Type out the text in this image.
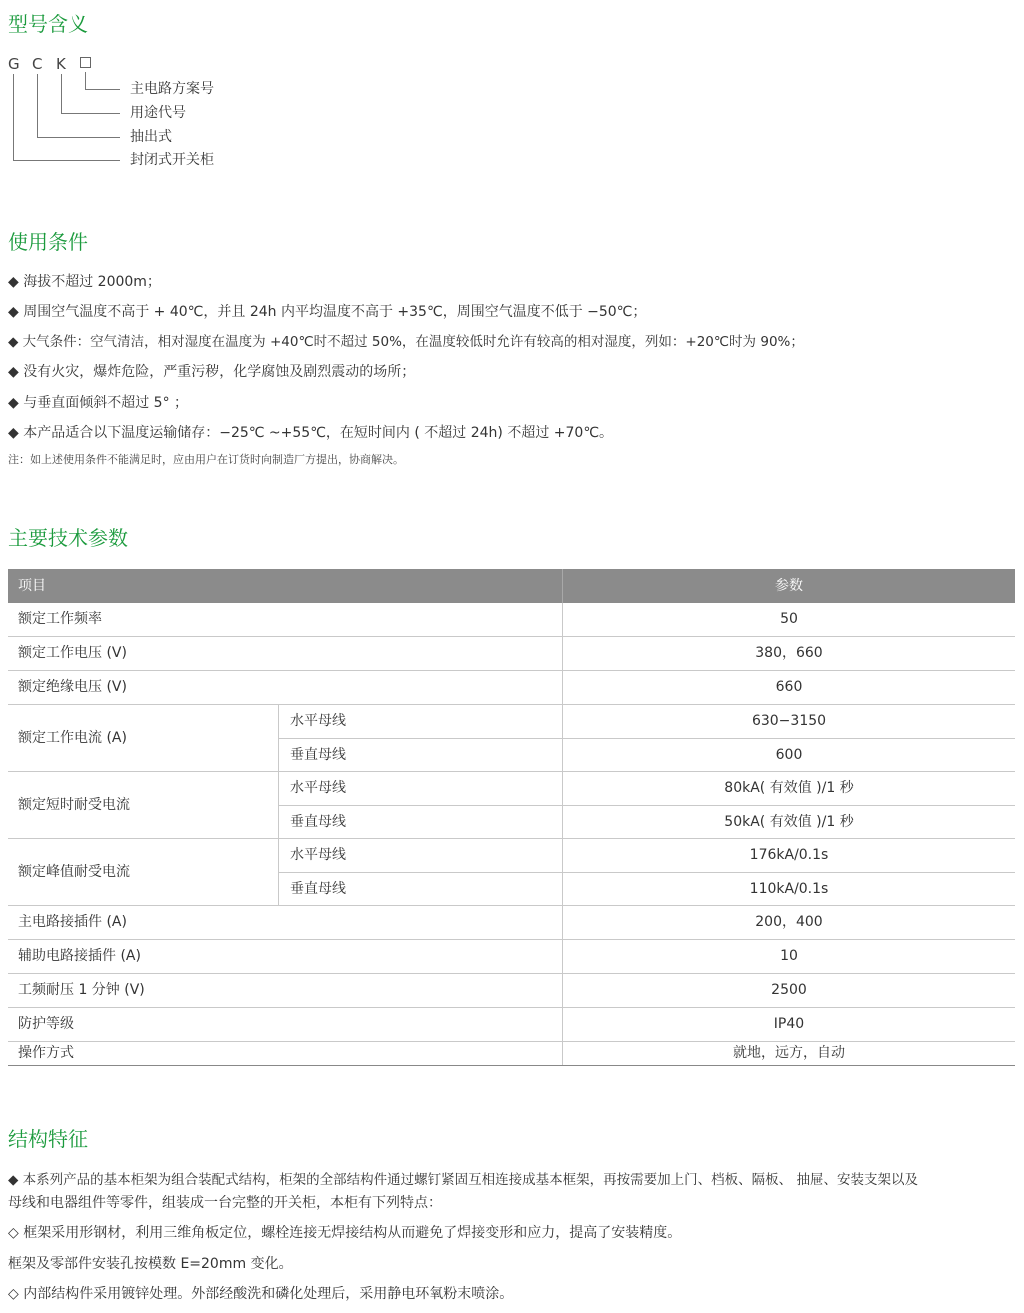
型号含义
G C K
主电路方案号
用途代号
抽出式
封闭式开关柜
使用条件
◆ 海拔不超过 2000m；
◆ 周围空气温度不高于 + 40℃，并且 24h 内平均温度不高于 +35℃，周围空气温度不低于 −50℃；
◆ 大气条件：空气清洁，相对湿度在温度为 +40℃时不超过 50%，在温度较低时允许有较高的相对湿度，列如：+20℃时为 90%；
◆ 没有火灾，爆炸危险，严重污秽，化学腐蚀及剧烈震动的场所；
◆ 与垂直面倾斜不超过 5° ；
◆ 本产品适合以下温度运输储存：−25℃ ~+55℃，在短时间内 ( 不超过 24h) 不超过 +70℃。
注：如上述使用条件不能满足时，应由用户在订货时向制造厂方提出，协商解决。
主要技术参数
项目	参数
额定工作频率	50
额定工作电压 (V)	380，660
额定绝缘电压 (V)	660
额定工作电流 (A)
水平母线	630−3150
垂直母线	600
额定短时耐受电流
水平母线	80kA( 有效值 )/1 秒
垂直母线	50kA( 有效值 )/1 秒
额定峰值耐受电流
水平母线	176kA/0.1s
垂直母线	110kA/0.1s
主电路接插件 (A)	200，400
辅助电路接插件 (A)	10
工频耐压 1 分钟 (V)	2500
防护等级	IP40
操作方式	就地，远方，自动
结构特征
◆ 本系列产品的基本柜架为组合装配式结构，柜架的全部结构件通过螺钉紧固互相连接成基本框架，再按需要加上门、档板、隔板、 抽屉、安装支架以及
母线和电器组件等零件，组装成一台完整的开关柜，本柜有下列特点：
◇ 框架采用形钢材，利用三维角板定位，螺栓连接无焊接结构从而避免了焊接变形和应力，提高了安装精度。
框架及零部件安装孔按模数 E=20mm 变化。
◇ 内部结构件采用镀锌处理。外部经酸洗和磷化处理后，采用静电环氧粉末喷涂。
